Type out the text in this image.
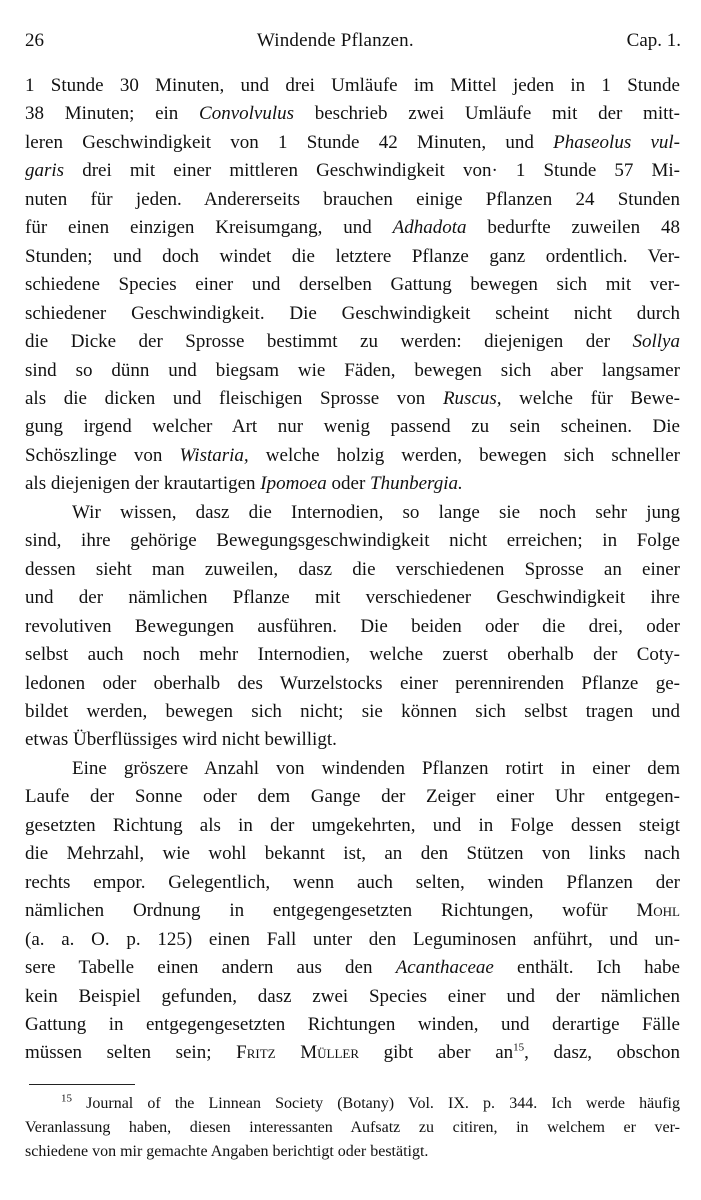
26	Windende Pflanzen.	Cap. 1.
1 Stunde 30 Minuten, und drei Umläufe im Mittel jeden in 1 Stunde
38 Minuten; ein Convolvulus beschrieb zwei Umläufe mit der mitt-
leren Geschwindigkeit von 1 Stunde 42 Minuten, und Phaseolus vul-
garis drei mit einer mittleren Geschwindigkeit von· 1 Stunde 57 Mi-
nuten für jeden. Andererseits brauchen einige Pflanzen 24 Stunden
für einen einzigen Kreisumgang, und Adhadota bedurfte zuweilen 48
Stunden; und doch windet die letztere Pflanze ganz ordentlich. Ver-
schiedene Species einer und derselben Gattung bewegen sich mit ver-
schiedener Geschwindigkeit. Die Geschwindigkeit scheint nicht durch
die Dicke der Sprosse bestimmt zu werden: diejenigen der Sollya
sind so dünn und biegsam wie Fäden, bewegen sich aber langsamer
als die dicken und fleischigen Sprosse von Ruscus, welche für Bewe-
gung irgend welcher Art nur wenig passend zu sein scheinen. Die
Schöszlinge von Wistaria, welche holzig werden, bewegen sich schneller
als diejenigen der krautartigen Ipomoea oder Thunbergia.
Wir wissen, dasz die Internodien, so lange sie noch sehr jung
sind, ihre gehörige Bewegungsgeschwindigkeit nicht erreichen; in Folge
dessen sieht man zuweilen, dasz die verschiedenen Sprosse an einer
und der nämlichen Pflanze mit verschiedener Geschwindigkeit ihre
revolutiven Bewegungen ausführen. Die beiden oder die drei, oder
selbst auch noch mehr Internodien, welche zuerst oberhalb der Coty-
ledonen oder oberhalb des Wurzelstocks einer perennirenden Pflanze ge-
bildet werden, bewegen sich nicht; sie können sich selbst tragen und
etwas Überflüssiges wird nicht bewilligt.
Eine gröszere Anzahl von windenden Pflanzen rotirt in einer dem
Laufe der Sonne oder dem Gange der Zeiger einer Uhr entgegen-
gesetzten Richtung als in der umgekehrten, und in Folge dessen steigt
die Mehrzahl, wie wohl bekannt ist, an den Stützen von links nach
rechts empor. Gelegentlich, wenn auch selten, winden Pflanzen der
nämlichen Ordnung in entgegengesetzten Richtungen, wofür Mohl
(a. a. O. p. 125) einen Fall unter den Leguminosen anführt, und un-
sere Tabelle einen andern aus den Acanthaceae enthält. Ich habe
kein Beispiel gefunden, dasz zwei Species einer und der nämlichen
Gattung in entgegengesetzten Richtungen winden, und derartige Fälle
müssen selten sein; Fritz Müller gibt aber $an^{15}$, dasz, obschon
$^{15}$ Journal of the Linnean Society (Botany) Vol. IX. p. 344. Ich werde häufig
Veranlassung haben, diesen interessanten Aufsatz zu citiren, in welchem er ver-
schiedene von mir gemachte Angaben berichtigt oder bestätigt.
